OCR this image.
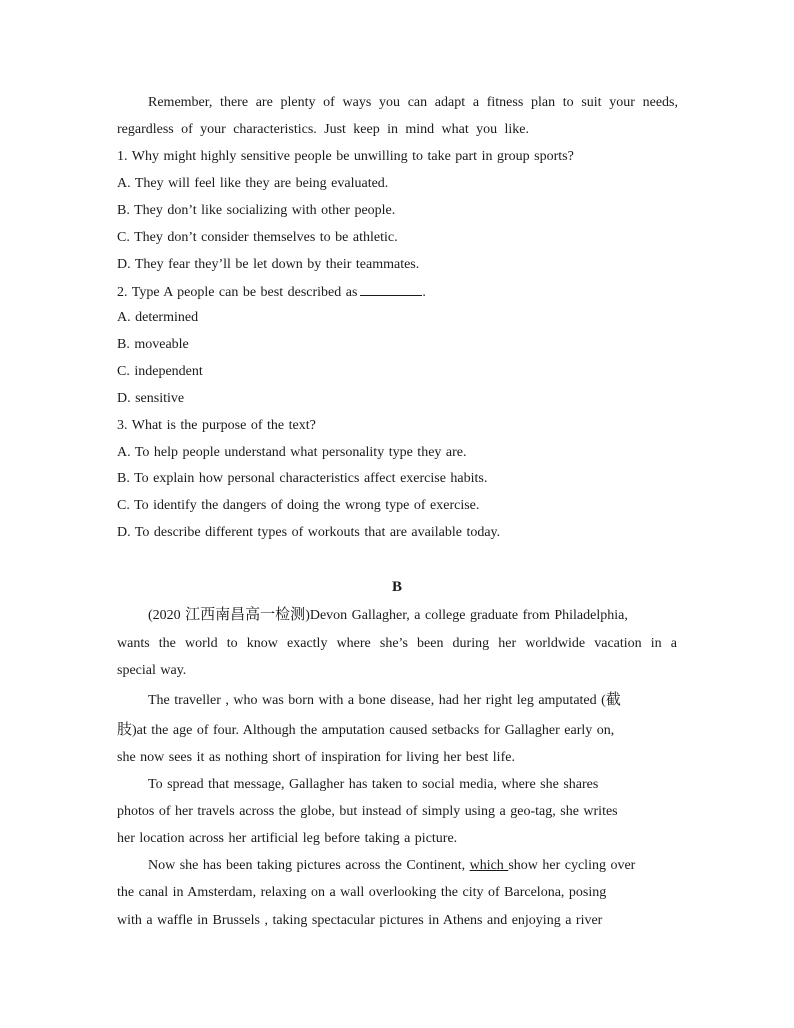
Remember, there are plenty of ways you can adapt a fitness plan to suit your needs,
regardless of your characteristics. Just keep in mind what you like.
1. Why might highly sensitive people be unwilling to take part in group sports?
A. They will feel like they are being evaluated.
B. They don’t like socializing with other people.
C. They don’t consider themselves to be athletic.
D. They fear they’ll be let down by their teammates.
2. Type A people can be best described as	.
A. determined
B. moveable
C. independent
D. sensitive
3. What is the purpose of the text?
A. To help people understand what personality type they are.
B. To explain how personal characteristics affect exercise habits.
C. To identify the dangers of doing the wrong type of exercise.
D. To describe different types of workouts that are available today.
B
(2020 江西南昌高一检测)Devon Gallagher, a college graduate from Philadelphia,
wants the world to know exactly where she’s been during her worldwide vacation in a
special way.
The traveller , who was born with a bone disease, had her right leg amputated (截
肢)at the age of four. Although the amputation caused setbacks for Gallagher early on,
she now sees it as nothing short of inspiration for living her best life.
To spread that message, Gallagher has taken to social media, where she shares
photos of her travels across the globe, but instead of simply using a geo-tag, she writes
her location across her artificial leg before taking a picture.
Now she has been taking pictures across the Continent, which show her cycling over
the canal in Amsterdam, relaxing on a wall overlooking the city of Barcelona, posing
with a waffle in Brussels , taking spectacular pictures in Athens and enjoying a river
